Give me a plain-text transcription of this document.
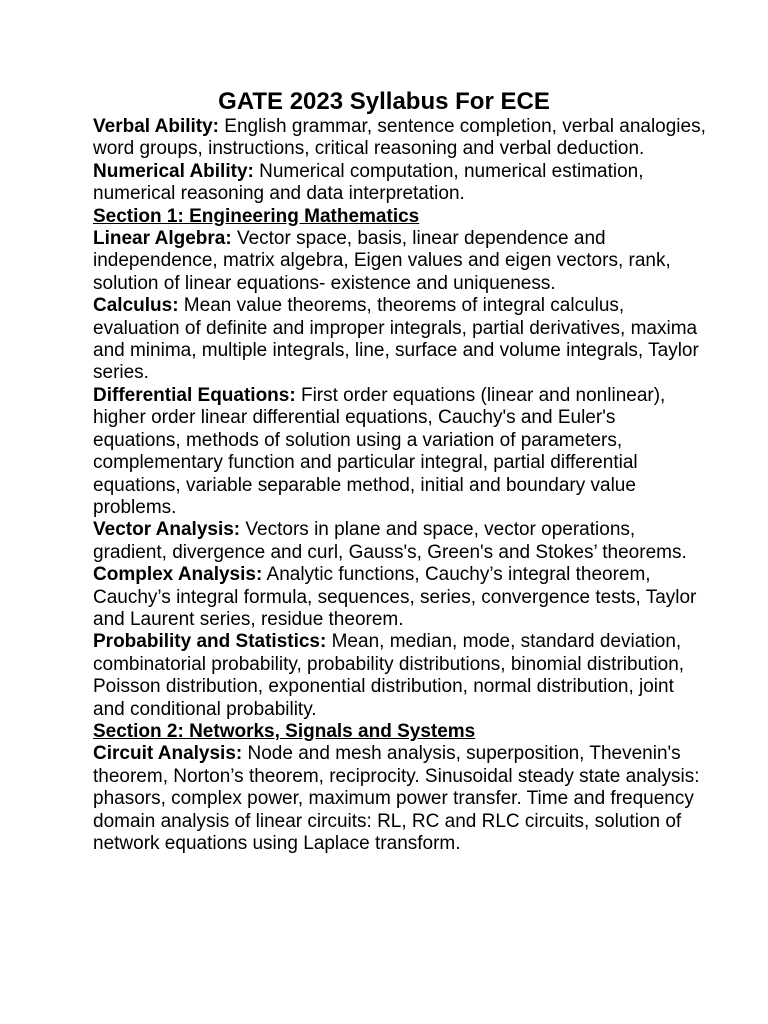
GATE 2023 Syllabus For ECE

Verbal Ability: English grammar, sentence completion, verbal analogies, word groups, instructions, critical reasoning and verbal deduction.

Numerical Ability: Numerical computation, numerical estimation, numerical reasoning and data interpretation.

Section 1: Engineering Mathematics

Linear Algebra: Vector space, basis, linear dependence and independence, matrix algebra, Eigen values and eigen vectors, rank, solution of linear equations- existence and uniqueness.

Calculus: Mean value theorems, theorems of integral calculus, evaluation of definite and improper integrals, partial derivatives, maxima and minima, multiple integrals, line, surface and volume integrals, Taylor series.

Differential Equations: First order equations (linear and nonlinear), higher order linear differential equations, Cauchy's and Euler's equations, methods of solution using a variation of parameters, complementary function and particular integral, partial differential equations, variable separable method, initial and boundary value problems.

Vector Analysis: Vectors in plane and space, vector operations, gradient, divergence and curl, Gauss's, Green's and Stokes’ theorems.

Complex Analysis: Analytic functions, Cauchy’s integral theorem, Cauchy’s integral formula, sequences, series, convergence tests, Taylor and Laurent series, residue theorem.

Probability and Statistics: Mean, median, mode, standard deviation, combinatorial probability, probability distributions, binomial distribution, Poisson distribution, exponential distribution, normal distribution, joint and conditional probability.

Section 2: Networks, Signals and Systems

Circuit Analysis: Node and mesh analysis, superposition, Thevenin's theorem, Norton’s theorem, reciprocity. Sinusoidal steady state analysis: phasors, complex power, maximum power transfer. Time and frequency domain analysis of linear circuits: RL, RC and RLC circuits, solution of network equations using Laplace transform.
